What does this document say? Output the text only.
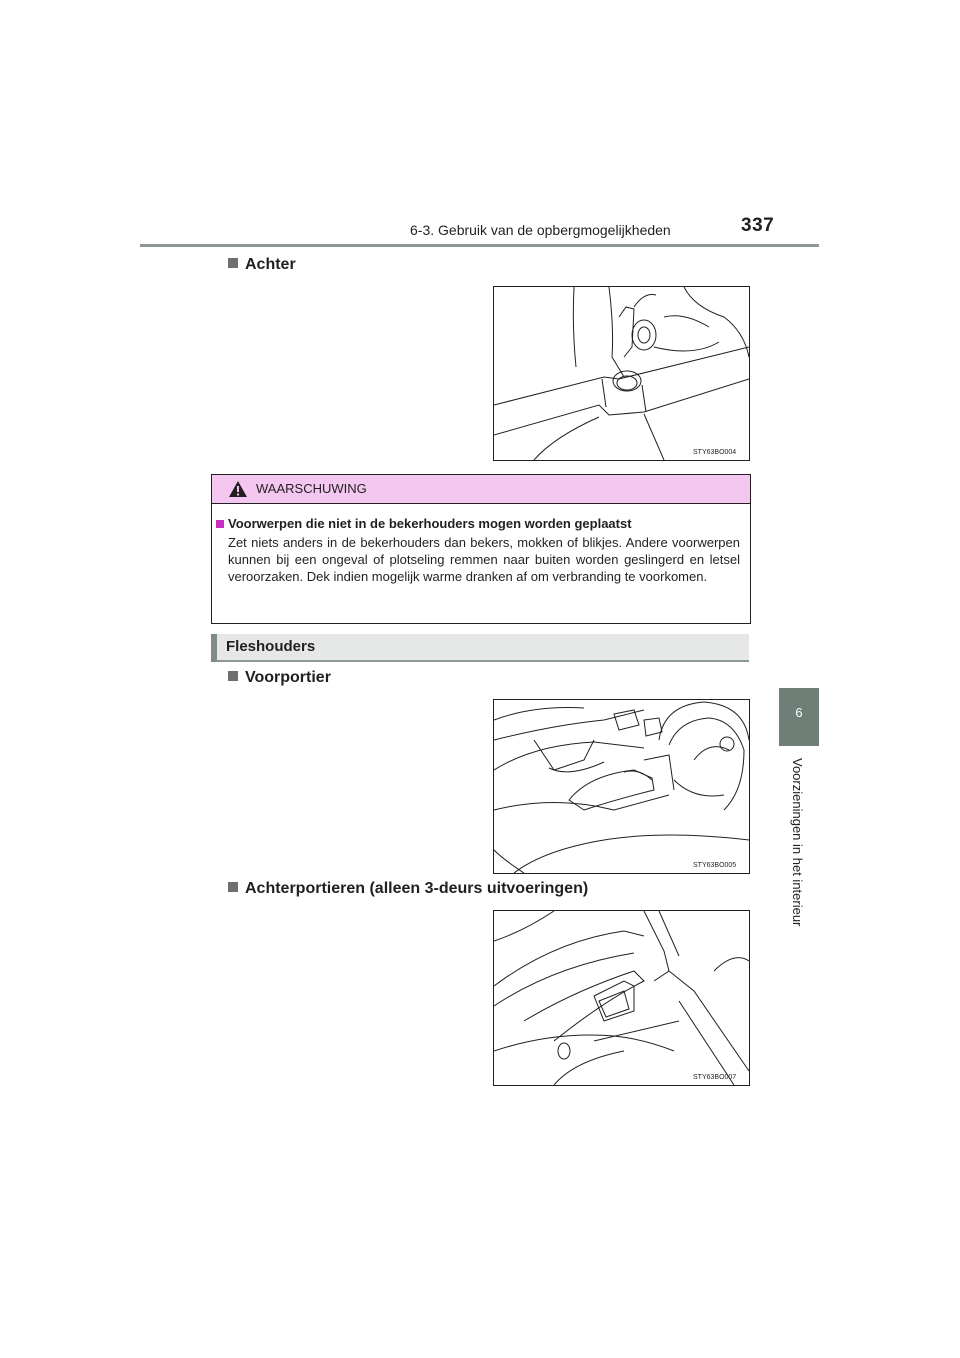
6-3. Gebruik van de opbergmogelijkheden	337
6
Voorzieningen in het interieur
Achter
STY63BO004
WAARSCHUWING
Voorwerpen die niet in de bekerhouders mogen worden geplaatst
Zet niets anders in de bekerhouders dan bekers, mokken of blikjes. Andere voorwerpen kunnen bij een ongeval of plotseling remmen naar buiten worden geslingerd en letsel veroorzaken. Dek indien mogelijk warme dranken af om verbranding te voorkomen.
Fleshouders
Voorportier
STY63BO005
Achterportieren (alleen 3-deurs uitvoeringen)
STY63BO007
